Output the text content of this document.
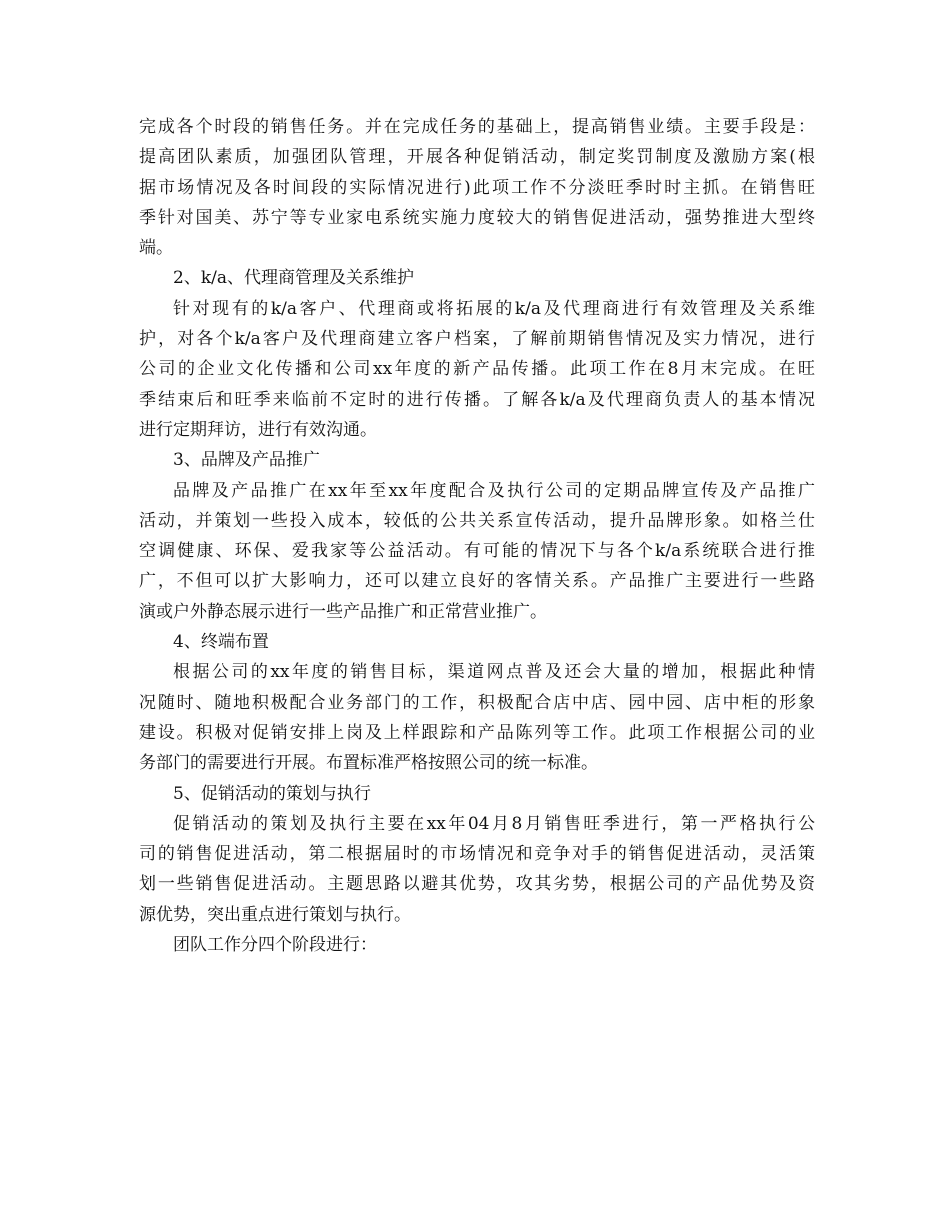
完成各个时段的销售任务。并在完成任务的基础上，提高销售业绩。主要手段是：
提高团队素质，加强团队管理，开展各种促销活动，制定奖罚制度及激励方案(根
据市场情况及各时间段的实际情况进行)此项工作不分淡旺季时时主抓。在销售旺
季针对国美、苏宁等专业家电系统实施力度较大的销售促进活动，强势推进大型终
端。
2、k/a、代理商管理及关系维护
针对现有的k/a客户、代理商或将拓展的k/a及代理商进行有效管理及关系维
护，对各个k/a客户及代理商建立客户档案，了解前期销售情况及实力情况，进行
公司的企业文化传播和公司xx年度的新产品传播。此项工作在8月末完成。在旺
季结束后和旺季来临前不定时的进行传播。了解各k/a及代理商负责人的基本情况
进行定期拜访，进行有效沟通。
3、品牌及产品推广
品牌及产品推广在xx年至xx年度配合及执行公司的定期品牌宣传及产品推广
活动，并策划一些投入成本，较低的公共关系宣传活动，提升品牌形象。如格兰仕
空调健康、环保、爱我家等公益活动。有可能的情况下与各个k/a系统联合进行推
广，不但可以扩大影响力，还可以建立良好的客情关系。产品推广主要进行一些路
演或户外静态展示进行一些产品推广和正常营业推广。
4、终端布置
根据公司的xx年度的销售目标，渠道网点普及还会大量的增加，根据此种情
况随时、随地积极配合业务部门的工作，积极配合店中店、园中园、店中柜的形象
建设。积极对促销安排上岗及上样跟踪和产品陈列等工作。此项工作根据公司的业
务部门的需要进行开展。布置标准严格按照公司的统一标准。
5、促销活动的策划与执行
促销活动的策划及执行主要在xx年04月8月销售旺季进行，第一严格执行公
司的销售促进活动，第二根据届时的市场情况和竞争对手的销售促进活动，灵活策
划一些销售促进活动。主题思路以避其优势，攻其劣势，根据公司的产品优势及资
源优势，突出重点进行策划与执行。
团队工作分四个阶段进行：
